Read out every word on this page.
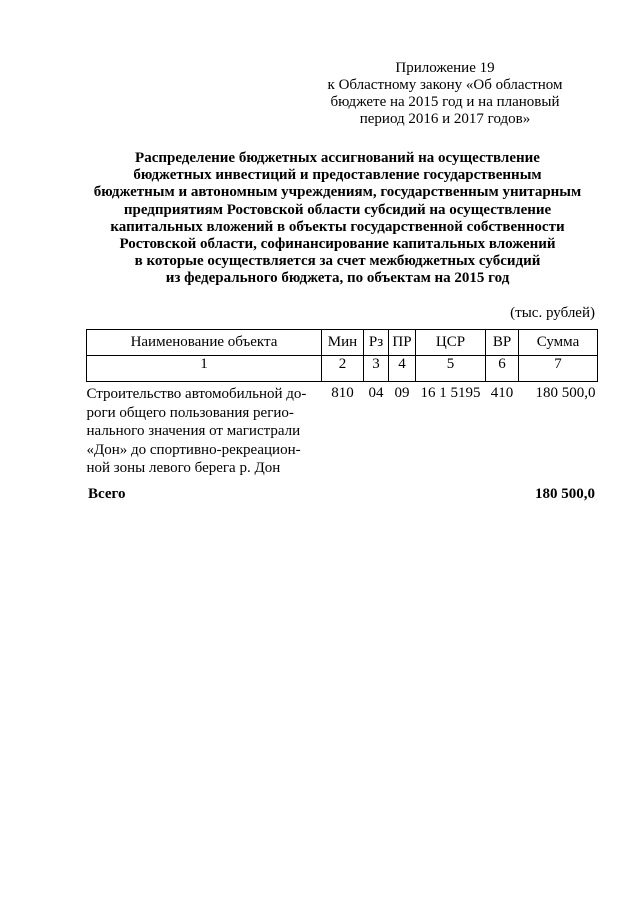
Приложение 19
к Областному закону «Об областном
бюджете на 2015 год и на плановый
период 2016 и 2017 годов»
Распределение бюджетных ассигнований на осуществление
бюджетных инвестиций и предоставление государственным
бюджетным и автономным учреждениям, государственным унитарным
предприятиям Ростовской области субсидий на осуществление
капитальных вложений в объекты государственной собственности
Ростовской области, софинансирование капитальных вложений
в которые осуществляется за счет межбюджетных субсидий
из федерального бюджета, по объектам на 2015 год
(тыс. рублей)
Наименование объекта	Мин	Рз	ПР	ЦСР	ВР	Сумма
1	2	3	4	5	6	7

Строительство автомобильной до-
роги общего пользования регио-
нального значения от магистрали
«Дон» до спортивно-рекреацион-
ной зоны левого берега р. Дон	810	04	09	16 1 5195	410	180 500,0
Всего	180 500,0
